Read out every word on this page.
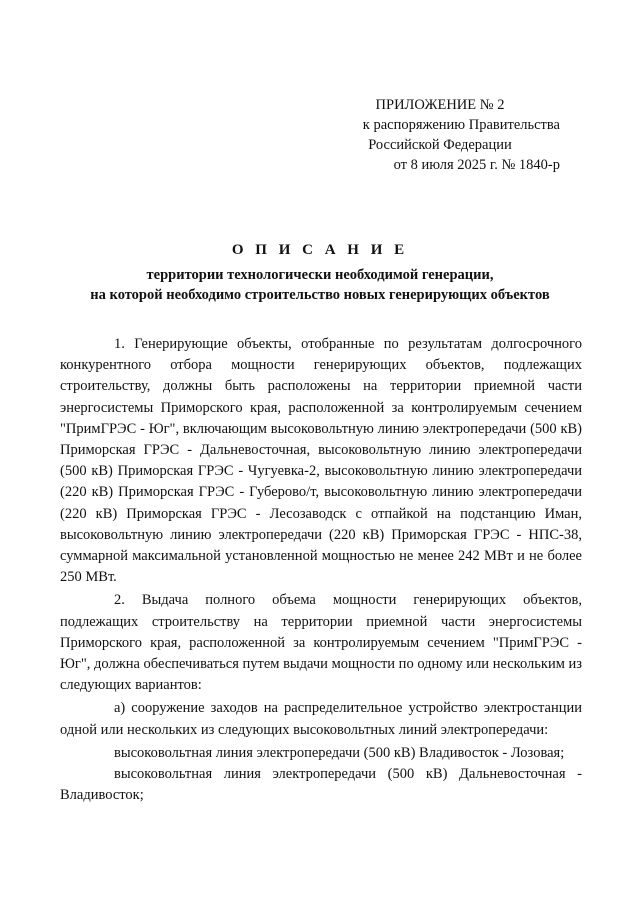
ПРИЛОЖЕНИЕ № 2
к распоряжению Правительства
Российской Федерации
от 8 июля 2025 г. № 1840-р
О П И С А Н И Е
территории технологически необходимой генерации,
на которой необходимо строительство новых генерирующих объектов

1. Генерирующие объекты, отобранные по результатам долгосрочного конкурентного отбора мощности генерирующих объектов, подлежащих строительству, должны быть расположены на территории приемной части энергосистемы Приморского края, расположенной за контролируемым сечением "ПримГРЭС - Юг", включающим высоковольтную линию электропередачи (500 кВ) Приморская ГРЭС - Дальневосточная, высоковольтную линию электропередачи (500 кВ) Приморская ГРЭС - Чугуевка-2, высоковольтную линию электропередачи (220 кВ) Приморская ГРЭС - Губерово/т, высоковольтную линию электропередачи (220 кВ) Приморская ГРЭС - Лесозаводск с отпайкой на подстанцию Иман, высоковольтную линию электропередачи (220 кВ) Приморская ГРЭС - НПС-38, суммарной максимальной установленной мощностью не менее 242 МВт и не более 250 МВт.

2. Выдача полного объема мощности генерирующих объектов, подлежащих строительству на территории приемной части энергосистемы Приморского края, расположенной за контролируемым сечением "ПримГРЭС - Юг", должна обеспечиваться путем выдачи мощности по одному или нескольким из следующих вариантов:

а) сооружение заходов на распределительное устройство электростанции одной или нескольких из следующих высоковольтных линий электропередачи:

высоковольтная линия электропередачи (500 кВ) Владивосток - Лозовая;

высоковольтная линия электропередачи (500 кВ) Дальневосточная - Владивосток;
